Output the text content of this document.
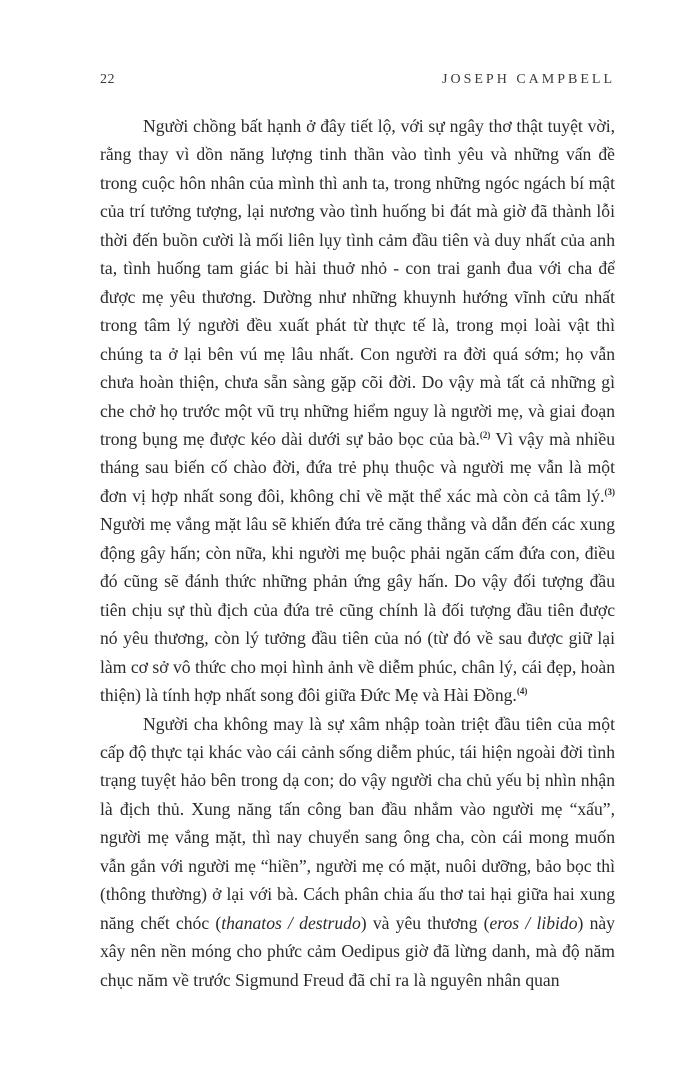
22	JOSEPH CAMPBELL

Người chồng bất hạnh ở đây tiết lộ, với sự ngây thơ thật tuyệt vời, rằng thay vì dồn năng lượng tinh thần vào tình yêu và những vấn đề trong cuộc hôn nhân của mình thì anh ta, trong những ngóc ngách bí mật của trí tưởng tượng, lại nương vào tình huống bi đát mà giờ đã thành lỗi thời đến buồn cười là mối liên lụy tình cảm đầu tiên và duy nhất của anh ta, tình huống tam giác bi hài thuở nhỏ - con trai ganh đua với cha để được mẹ yêu thương. Dường như những khuynh hướng vĩnh cửu nhất trong tâm lý người đều xuất phát từ thực tế là, trong mọi loài vật thì chúng ta ở lại bên vú mẹ lâu nhất. Con người ra đời quá sớm; họ vẫn chưa hoàn thiện, chưa sẵn sàng gặp cõi đời. Do vậy mà tất cả những gì che chở họ trước một vũ trụ những hiểm nguy là người mẹ, và giai đoạn trong bụng mẹ được kéo dài dưới sự bảo bọc của bà.$^{(2)}$ Vì vậy mà nhiều tháng sau biến cố chào đời, đứa trẻ phụ thuộc và người mẹ vẫn là một đơn vị hợp nhất song đôi, không chỉ về mặt thể xác mà còn cả tâm lý.$^{(3)}$ Người mẹ vắng mặt lâu sẽ khiến đứa trẻ căng thẳng và dẫn đến các xung động gây hấn; còn nữa, khi người mẹ buộc phải ngăn cấm đứa con, điều đó cũng sẽ đánh thức những phản ứng gây hấn. Do vậy đối tượng đầu tiên chịu sự thù địch của đứa trẻ cũng chính là đối tượng đầu tiên được nó yêu thương, còn lý tưởng đầu tiên của nó (từ đó về sau được giữ lại làm cơ sở vô thức cho mọi hình ảnh về diễm phúc, chân lý, cái đẹp, hoàn thiện) là tính hợp nhất song đôi giữa Đức Mẹ và Hài Đồng.$^{(4)}$

Người cha không may là sự xâm nhập toàn triệt đầu tiên của một cấp độ thực tại khác vào cái cảnh sống diễm phúc, tái hiện ngoài đời tình trạng tuyệt hảo bên trong dạ con; do vậy người cha chủ yếu bị nhìn nhận là địch thủ. Xung năng tấn công ban đầu nhắm vào người mẹ “xấu”, người mẹ vắng mặt, thì nay chuyển sang ông cha, còn cái mong muốn vẫn gắn với người mẹ “hiền”, người mẹ có mặt, nuôi dưỡng, bảo bọc thì (thông thường) ở lại với bà. Cách phân chia ấu thơ tai hại giữa hai xung năng chết chóc (thanatos / destrudo) và yêu thương (eros / libido) này xây nên nền móng cho phức cảm Oedipus giờ đã lừng danh, mà độ năm chục năm về trước Sigmund Freud đã chỉ ra là nguyên nhân quan
